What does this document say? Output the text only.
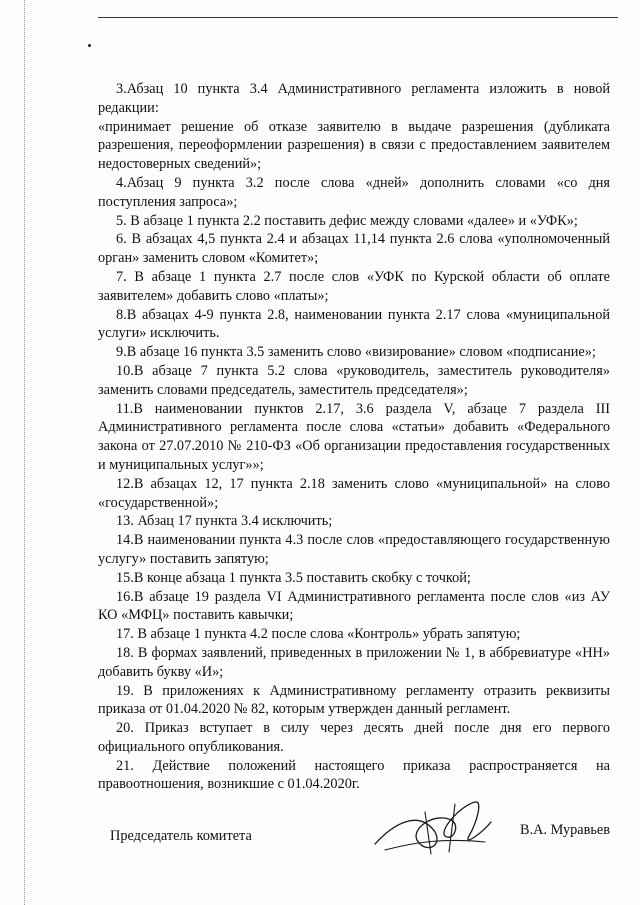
3.Абзац 10 пункта 3.4 Административного регламента изложить в новой редакции:

«принимает решение об отказе заявителю в выдаче разрешения (дубликата разрешения, переоформлении разрешения) в связи с предоставлением заявителем недостоверных сведений»;

4.Абзац 9 пункта 3.2 после слова «дней» дополнить словами «со дня поступления запроса»;

5. В абзаце 1 пункта 2.2 поставить дефис между словами «далее» и «УФК»;

6. В абзацах 4,5 пункта 2.4 и абзацах 11,14 пункта 2.6 слова «уполномоченный орган» заменить словом «Комитет»;

7. В абзаце 1 пункта 2.7 после слов «УФК по Курской области об оплате заявителем» добавить слово «платы»;

8.В абзацах 4-9 пункта 2.8, наименовании пункта 2.17 слова «муниципальной услуги» исключить.

9.В абзаце 16 пункта 3.5 заменить слово «визирование» словом «подписание»;

10.В абзаце 7 пункта 5.2 слова «руководитель, заместитель руководителя» заменить словами председатель, заместитель председателя»;

11.В наименовании пунктов 2.17, 3.6 раздела V, абзаце 7 раздела III Административного регламента после слова «статьи» добавить «Федерального закона от 27.07.2010 № 210-ФЗ «Об организации предоставления государственных и муниципальных услуг»»;

12.В абзацах 12, 17 пункта 2.18 заменить слово «муниципальной» на слово «государственной»;

13. Абзац 17 пункта 3.4 исключить;

14.В наименовании пункта 4.3 после слов «предоставляющего государственную услугу» поставить запятую;

15.В конце абзаца 1 пункта 3.5 поставить скобку с точкой;

16.В абзаце 19 раздела VI Административного регламента после слов «из АУ КО «МФЦ» поставить кавычки;

17. В абзаце 1 пункта 4.2 после слова «Контроль» убрать запятую;

18. В формах заявлений, приведенных в приложении № 1, в аббревиатуре «НН» добавить букву «И»;

19. В приложениях к Административному регламенту отразить реквизиты приказа от 01.04.2020 № 82, которым утвержден данный регламент.

20. Приказ вступает в силу через десять дней после дня его первого официального опубликования.

21. Действие положений настоящего приказа распространяется на правоотношения, возникшие с 01.04.2020г.

Председатель комитета	В.А. Муравьев
